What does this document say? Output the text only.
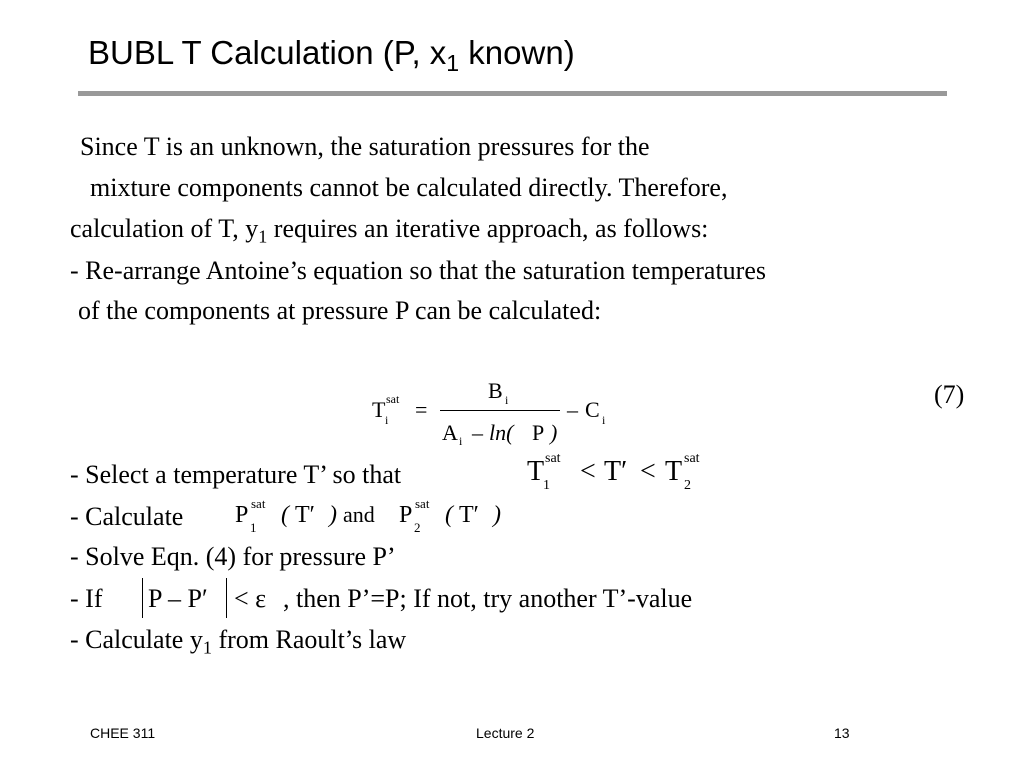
BUBL T Calculation (P, $x_1$ known)
Since T is an unknown, the saturation pressures for the
mixture components cannot be calculated directly. Therefore,
calculation of T, $y_1$ requires an iterative approach, as follows:
- Re-arrange Antoine’s equation so that the saturation temperatures
of the components at pressure P can be calculated:
T sat
i =
B i
A i – ln( P )
– C i
(7)
- Select a temperature T’ so that	T sat
1 < T′ < T sat
2
- Calculate P sat
1 ( T′ ) and P sat
2 ( T′ )
- Solve Eqn. (4) for pressure P’
- If P – P′ < ε , then P’=P; If not, try another T’-value
- Calculate $y_1$ from Raoult’s law
CHEE 311	Lecture 2	13
